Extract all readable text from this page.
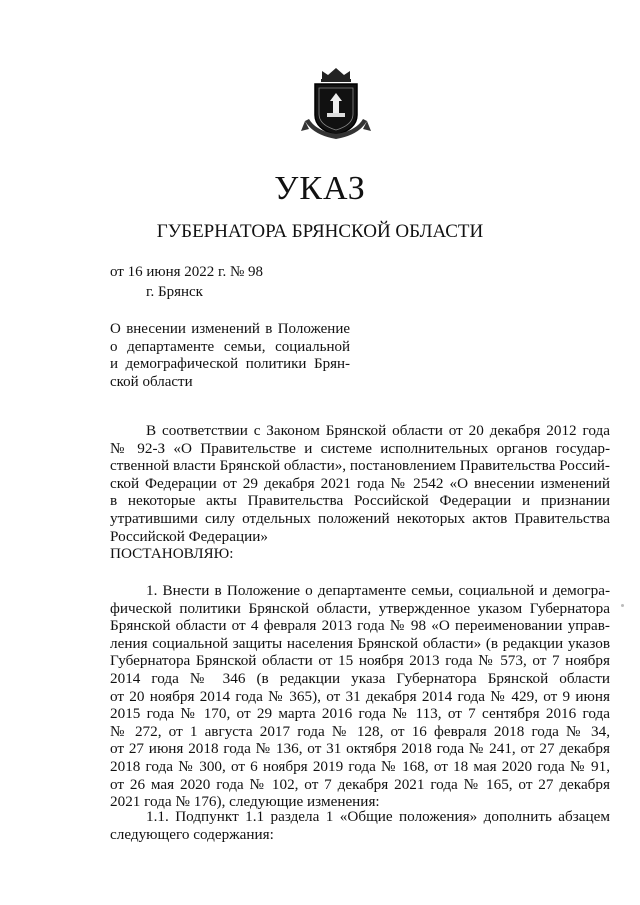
УКАЗ
ГУБЕРНАТОРА БРЯНСКОЙ ОБЛАСТИ
от 16 июня 2022 г. № 98
г. Брянск
О внесении изменений в Положение
о департаменте семьи, социальной
и демографической политики Брян-
ской области
В соответствии с Законом Брянской области от 20 декабря 2012 года
№ 92-З «О Правительстве и системе исполнительных органов государ-
ственной власти Брянской области», постановлением Правительства Россий-
ской Федерации от 29 декабря 2021 года № 2542 «О внесении изменений
в некоторые акты Правительства Российской Федерации и признании
утратившими силу отдельных положений некоторых актов Правительства
Российской Федерации»
ПОСТАНОВЛЯЮ:
1. Внести в Положение о департаменте семьи, социальной и демогра-
фической политики Брянской области, утвержденное указом Губернатора
Брянской области от 4 февраля 2013 года № 98 «О переименовании управ-
ления социальной защиты населения Брянской области» (в редакции указов
Губернатора Брянской области от 15 ноября 2013 года № 573, от 7 ноября
2014 года № 346 (в редакции указа Губернатора Брянской области
от 20 ноября 2014 года № 365), от 31 декабря 2014 года № 429, от 9 июня
2015 года № 170, от 29 марта 2016 года № 113, от 7 сентября 2016 года
№ 272, от 1 августа 2017 года № 128, от 16 февраля 2018 года № 34,
от 27 июня 2018 года № 136, от 31 октября 2018 года № 241, от 27 декабря
2018 года № 300, от 6 ноября 2019 года № 168, от 18 мая 2020 года № 91,
от 26 мая 2020 года № 102, от 7 декабря 2021 года № 165, от 27 декабря
2021 года № 176), следующие изменения:
1.1. Подпункт 1.1 раздела 1 «Общие положения» дополнить абзацем
следующего содержания:
